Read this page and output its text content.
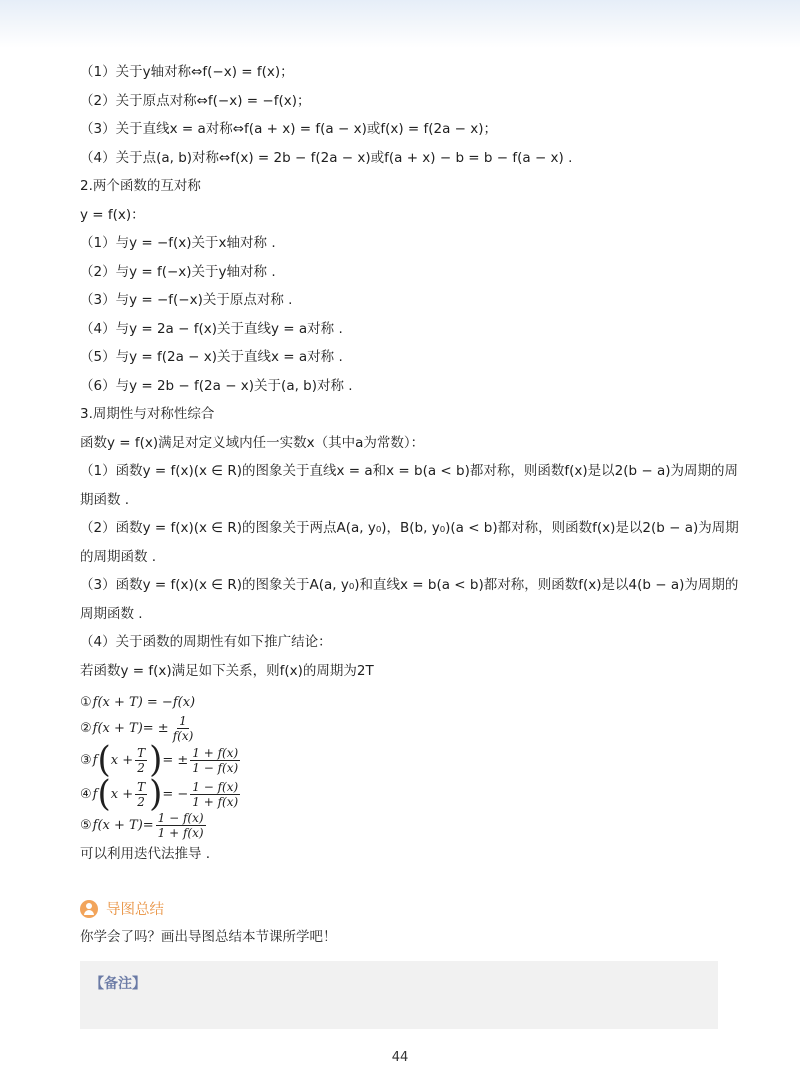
（1）关于y轴对称⇔f(−x) = f(x)；
（2）关于原点对称⇔f(−x) = −f(x)；
（3）关于直线x = a对称⇔f(a + x) = f(a − x)或f(x) = f(2a − x)；
（4）关于点(a, b)对称⇔f(x) = 2b − f(2a − x)或f(a + x) − b = b − f(a − x) .
2.两个函数的互对称
y = f(x)：
（1）与y = −f(x)关于x轴对称 .
（2）与y = f(−x)关于y轴对称 .
（3）与y = −f(−x)关于原点对称 .
（4）与y = 2a − f(x)关于直线y = a对称 .
（5）与y = f(2a − x)关于直线x = a对称 .
（6）与y = 2b − f(2a − x)关于(a, b)对称 .
3.周期性与对称性综合
函数y = f(x)满足对定义域内任一实数x（其中a为常数）：
（1）函数y = f(x)(x ∈ R)的图象关于直线x = a和x = b(a < b)都对称，则函数f(x)是以2(b − a)为周期的周
期函数 .
（2）函数y = f(x)(x ∈ R)的图象关于两点A(a, y₀)，B(b, y₀)(a < b)都对称，则函数f(x)是以2(b − a)为周期
的周期函数 .
（3）函数y = f(x)(x ∈ R)的图象关于A(a, y₀)和直线x = b(a < b)都对称，则函数f(x)是以4(b − a)为周期的
周期函数 .
（4）关于函数的周期性有如下推广结论：
若函数y = f(x)满足如下关系，则f(x)的周期为2T
① f(x + T) = −f(x)
② $f(x + T)= \pm \frac{1}{f(x)}$
③ f ( $x + \frac{T}{2}$ ) = ± $\frac{1 + f(x)}{1 - f(x)}$
④ f ( $x + \frac{T}{2}$ ) = − $\frac{1 - f(x)}{1 + f(x)}$
⑤ $f(x + T)= \frac{1 - f(x)}{1 + f(x)}$
可以利用迭代法推导 .
导图总结
你学会了吗？画出导图总结本节课所学吧！
【备注】
44
